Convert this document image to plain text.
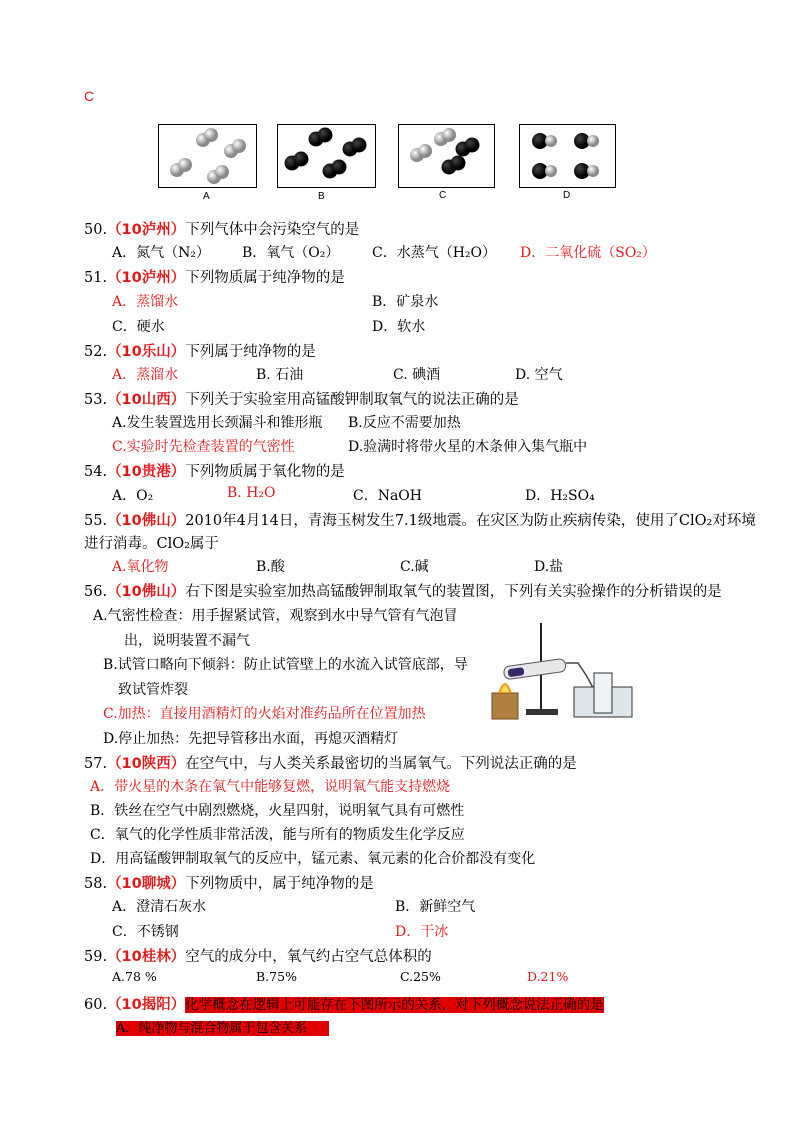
C
A	B	C	D
50.（10泸州）下列气体中会污染空气的是
A．氮气（N₂） B．氧气（O₂） C．水蒸气（H₂O） D．二氧化硫（SO₂）
51.（10泸州）下列物质属于纯净物的是
A．蒸馏水	B．矿泉水
C．硬水	D．软水
52.（10乐山）下列属于纯净物的是
A．蒸溜水	B. 石油	C. 碘酒	D. 空气
53.（10山西）下列关于实验室用高锰酸钾制取氧气的说法正确的是
A.发生装置选用长颈漏斗和锥形瓶 B.反应不需要加热
C.实验时先检查装置的气密性	D.验满时将带火星的木条伸入集气瓶中
54.（10贵港）下列物质属于氧化物的是
A．O₂	B. H₂O	C．NaOH	D．H₂SO₄
55.（10佛山）2010年4月14日，青海玉树发生7.1级地震。在灾区为防止疾病传染，使用了ClO₂对环境
进行消毒。ClO₂属于
A.氧化物	B.酸	C.碱	D.盐
56.（10佛山）右下图是实验室加热高锰酸钾制取氧气的装置图，下列有关实验操作的分析错误的是
A.气密性检查：用手握紧试管，观察到水中导气管有气泡冒
出，说明装置不漏气
B.试管口略向下倾斜：防止试管壁上的水流入试管底部，导
致试管炸裂
C.加热：直接用酒精灯的火焰对准药品所在位置加热
D.停止加热：先把导管移出水面，再熄灭酒精灯
57.（10陕西）在空气中，与人类关系最密切的当属氧气。下列说法正确的是
A．带火星的木条在氧气中能够复燃，说明氧气能支持燃烧
B．铁丝在空气中剧烈燃烧，火星四射，说明氧气具有可燃性
C．氧气的化学性质非常活泼，能与所有的物质发生化学反应
D．用高锰酸钾制取氧气的反应中，锰元素、氧元素的化合价都没有变化
58.（10聊城）下列物质中，属于纯净物的是
A．澄清石灰水	B．新鲜空气
C．不锈钢	D．干冰
59.（10桂林）空气的成分中，氧气约占空气总体积的
A.78 %	B.75%	C.25%	D.21%
60.（10揭阳）化学概念在逻辑上可能存在下图所示的关系，对下列概念说法正确的是
A．纯净物与混合物属于包含关系
